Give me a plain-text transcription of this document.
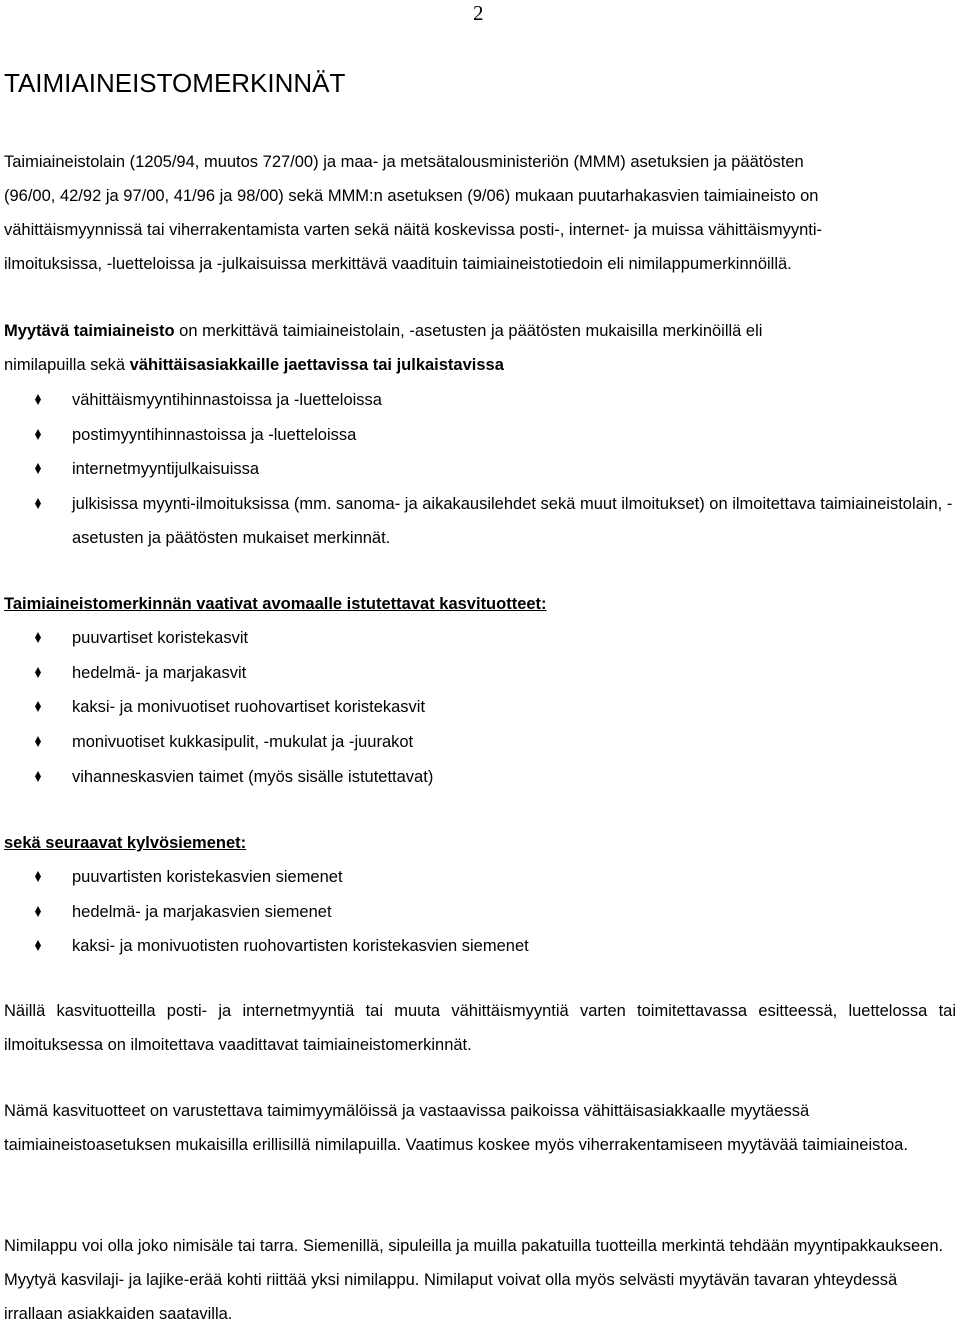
2
TAIMIAINEISTOMERKINNÄT
Taimiaineistolain (1205/94, muutos 727/00) ja maa- ja metsätalousministeriön (MMM) asetuksien ja päätösten
(96/00, 42/92 ja 97/00, 41/96 ja 98/00) sekä MMM:n asetuksen (9/06) mukaan puutarhakasvien taimiaineisto on
vähittäismyynnissä tai viherrakentamista varten sekä näitä koskevissa posti-, internet- ja muissa vähittäismyynti-
ilmoituksissa, -luetteloissa ja -julkaisuissa merkittävä vaadituin taimiaineistotiedoin eli nimilappumerkinnöillä.
Myytävä taimiaineisto on merkittävä taimiaineistolain, -asetusten ja päätösten mukaisilla merkinöillä eli
nimilapuilla sekä vähittäisasiakkaille jaettavissa tai julkaistavissa
vähittäismyyntihinnastoissa ja -luetteloissa
postimyyntihinnastoissa ja -luetteloissa
internetmyyntijulkaisuissa
julkisissa myynti-ilmoituksissa (mm. sanoma- ja aikakausilehdet sekä muut ilmoitukset) on ilmoitettava taimiaineistolain, -asetusten ja päätösten mukaiset merkinnät.
Taimiaineistomerkinnän vaativat avomaalle istutettavat kasvituotteet:
puuvartiset koristekasvit
hedelmä- ja marjakasvit
kaksi- ja monivuotiset ruohovartiset koristekasvit
monivuotiset kukkasipulit, -mukulat ja -juurakot
vihanneskasvien taimet (myös sisälle istutettavat)
sekä seuraavat kylvösiemenet:
puuvartisten koristekasvien siemenet
hedelmä- ja marjakasvien siemenet
kaksi- ja monivuotisten ruohovartisten koristekasvien siemenet

Näillä kasvituotteilla posti- ja internetmyyntiä tai muuta vähittäismyyntiä varten toimitettavassa esitteessä, luettelossa tai ilmoituksessa on ilmoitettava vaadittavat taimiaineistomerkinnät.

Nämä kasvituotteet on varustettava taimimyymälöissä ja vastaavissa paikoissa vähittäisasiakkaalle myytäessä taimiaineistoasetuksen mukaisilla erillisillä nimilapuilla. Vaatimus koskee myös viherrakentamiseen myytävää taimiaineistoa.

Nimilappu voi olla joko nimisäle tai tarra. Siemenillä, sipuleilla ja muilla pakatuilla tuotteilla merkintä tehdään myyntipakkaukseen. Myytyä kasvilaji- ja lajike-erää kohti riittää yksi nimilappu. Nimilaput voivat olla myös selvästi myytävän tavaran yhteydessä irrallaan asiakkaiden saatavilla.
